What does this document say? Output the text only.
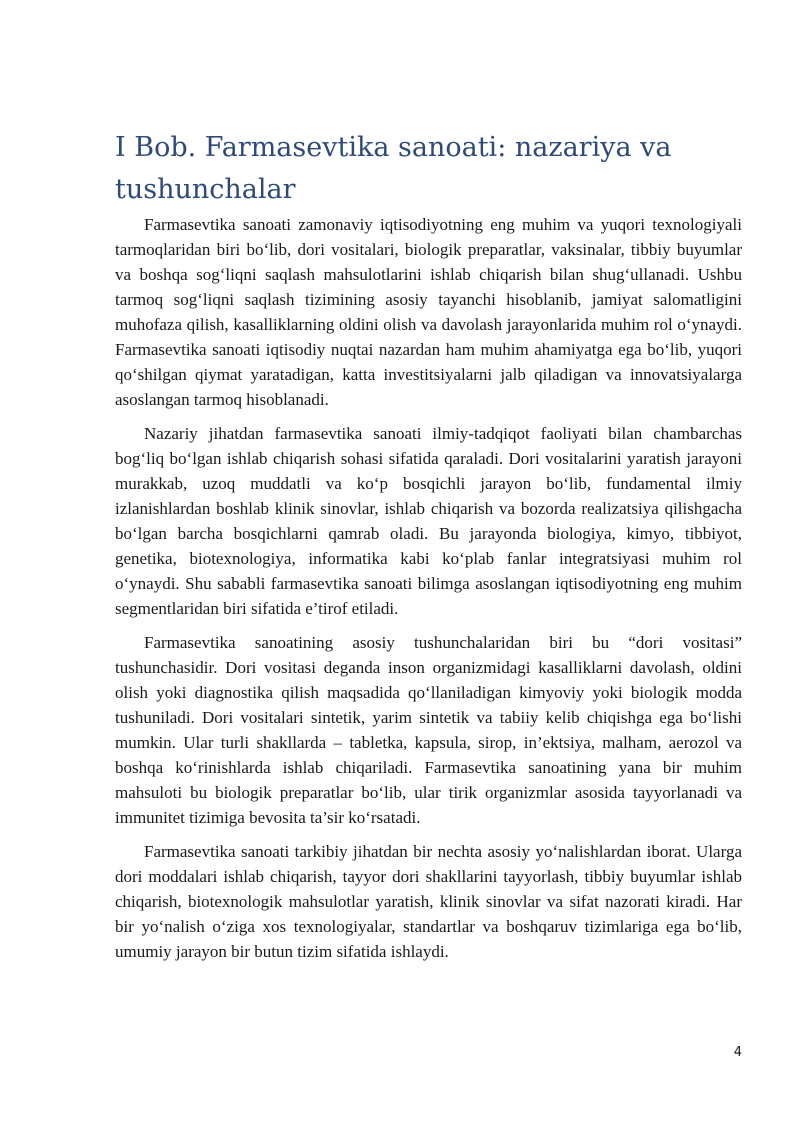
I Bob. Farmasevtika sanoati: nazariya va tushunchalar

Farmasevtika sanoati zamonaviy iqtisodiyotning eng muhim va yuqori texnologiyali tarmoqlaridan biri bo‘lib, dori vositalari, biologik preparatlar, vaksinalar, tibbiy buyumlar va boshqa sog‘liqni saqlash mahsulotlarini ishlab chiqarish bilan shug‘ullanadi. Ushbu tarmoq sog‘liqni saqlash tizimining asosiy tayanchi hisoblanib, jamiyat salomatligini muhofaza qilish, kasalliklarning oldini olish va davolash jarayonlarida muhim rol o‘ynaydi. Farmasevtika sanoati iqtisodiy nuqtai nazardan ham muhim ahamiyatga ega bo‘lib, yuqori qo‘shilgan qiymat yaratadigan, katta investitsiyalarni jalb qiladigan va innovatsiyalarga asoslangan tarmoq hisoblanadi.

Nazariy jihatdan farmasevtika sanoati ilmiy-tadqiqot faoliyati bilan chambarchas bog‘liq bo‘lgan ishlab chiqarish sohasi sifatida qaraladi. Dori vositalarini yaratish jarayoni murakkab, uzoq muddatli va ko‘p bosqichli jarayon bo‘lib, fundamental ilmiy izlanishlardan boshlab klinik sinovlar, ishlab chiqarish va bozorda realizatsiya qilishgacha bo‘lgan barcha bosqichlarni qamrab oladi. Bu jarayonda biologiya, kimyo, tibbiyot, genetika, biotexnologiya, informatika kabi ko‘plab fanlar integratsiyasi muhim rol o‘ynaydi. Shu sababli farmasevtika sanoati bilimga asoslangan iqtisodiyotning eng muhim segmentlaridan biri sifatida e’tirof etiladi.

Farmasevtika sanoatining asosiy tushunchalaridan biri bu “dori vositasi” tushunchasidir. Dori vositasi deganda inson organizmidagi kasalliklarni davolash, oldini olish yoki diagnostika qilish maqsadida qo‘llaniladigan kimyoviy yoki biologik modda tushuniladi. Dori vositalari sintetik, yarim sintetik va tabiiy kelib chiqishga ega bo‘lishi mumkin. Ular turli shakllarda – tabletka, kapsula, sirop, in’ektsiya, malham, aerozol va boshqa ko‘rinishlarda ishlab chiqariladi. Farmasevtika sanoatining yana bir muhim mahsuloti bu biologik preparatlar bo‘lib, ular tirik organizmlar asosida tayyorlanadi va immunitet tizimiga bevosita ta’sir ko‘rsatadi.

Farmasevtika sanoati tarkibiy jihatdan bir nechta asosiy yo‘nalishlardan iborat. Ularga dori moddalari ishlab chiqarish, tayyor dori shakllarini tayyorlash, tibbiy buyumlar ishlab chiqarish, biotexnologik mahsulotlar yaratish, klinik sinovlar va sifat nazorati kiradi. Har bir yo‘nalish o‘ziga xos texnologiyalar, standartlar va boshqaruv tizimlariga ega bo‘lib, umumiy jarayon bir butun tizim sifatida ishlaydi.

4
